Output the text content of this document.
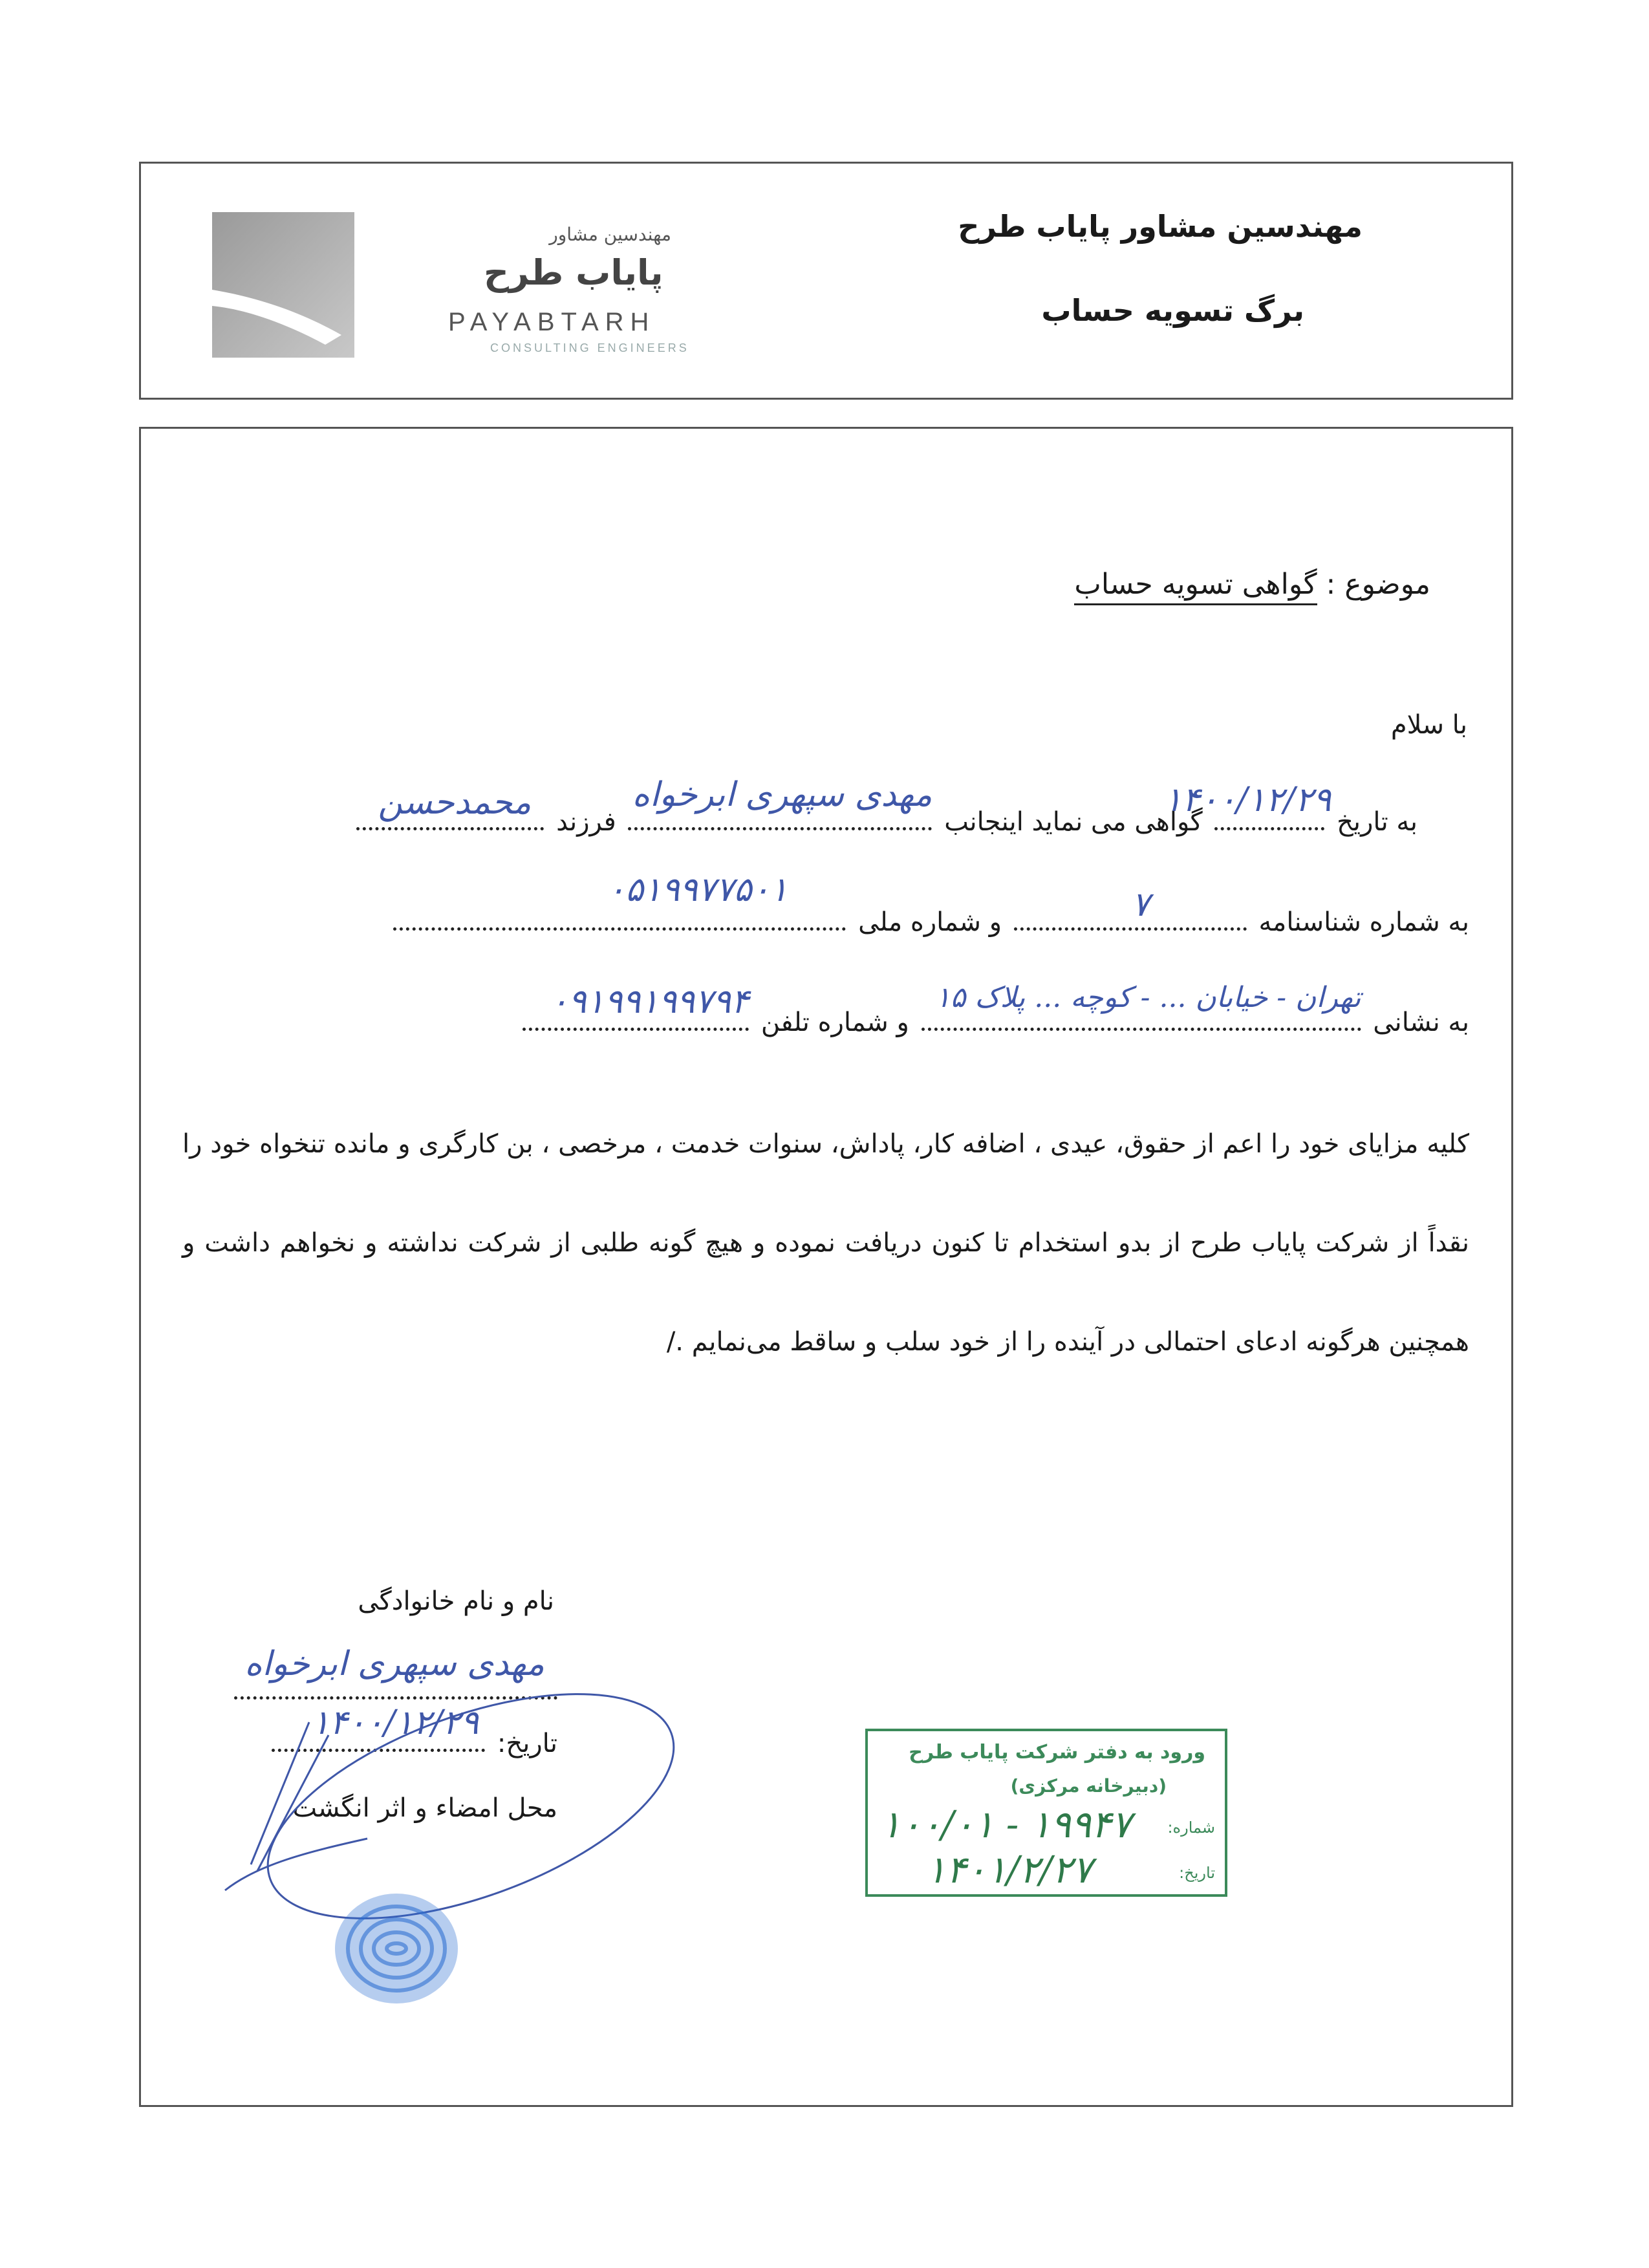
مهندسین مشاور پایاب طرح
برگ تسویه حساب
مهندسین مشاور
پایاب طرح
PAYABTARH
CONSULTING ENGINEERS
موضوع : گواهی تسویه حساب
با سلام
به تاریخ
۱۴۰۰/۱۲/۲۹
گواهی می نماید اینجانب
مهدی سپهری ابرخواه
فرزند
محمدحسن
به شماره شناسنامه
۷
و شماره ملی
۰۵۱۹۹۷۷۵۰۱
به نشانی
تهران - خیابان ... - کوچه ... پلاک ۱۵
و شماره تلفن
۰۹۱۹۹۱۹۹۷۹۴
کلیه مزایای خود را اعم از حقوق، عیدی ، اضافه کار، پاداش، سنوات خدمت ، مرخصی ، بن کارگری و مانده تنخواه خود را نقداً از شرکت پایاب طرح از بدو استخدام تا کنون دریافت نموده و هیچ گونه طلبی از شرکت نداشته و نخواهم داشت و همچنین هرگونه ادعای احتمالی در آینده را از خود سلب و ساقط می‌نمایم ./
نام و نام خانوادگی
مهدی سپهری ابرخواه
تاریخ:
۱۴۰۰/۱۲/۲۹
محل امضاء و اثر انگشت
ورود به دفتر شرکت پایاب طرح
(دبیرخانه مرکزی)
شماره:
۱۰۰/۰۱ - ۱۹۹۴۷
تاریخ:
۱۴۰۱/۲/۲۷
